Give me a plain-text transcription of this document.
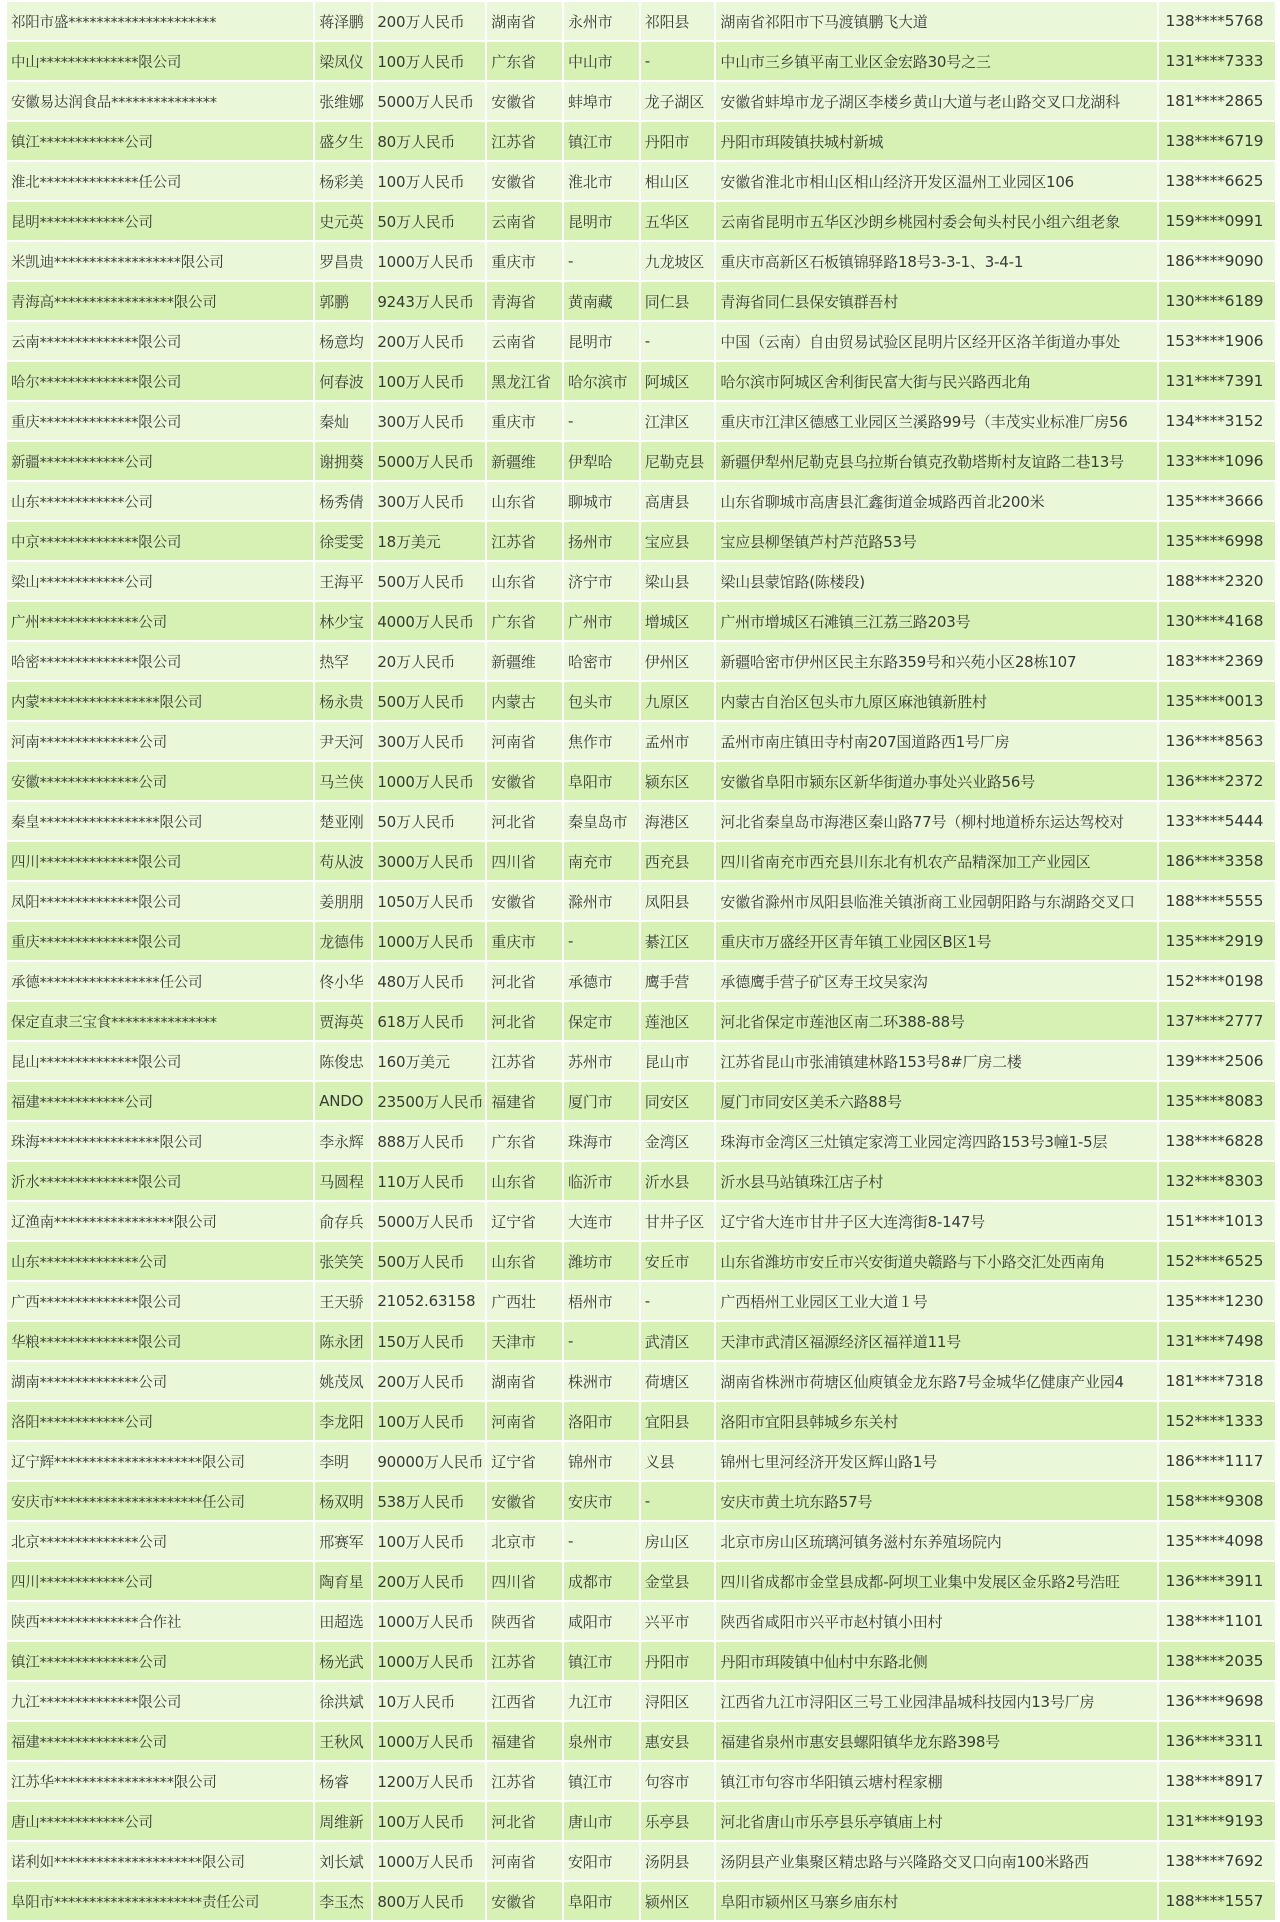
祁阳市盛*********************	蒋泽鹏	200万人民币	湖南省	永州市	祁阳县	湖南省祁阳市下马渡镇鹏飞大道	138****5768
中山**************限公司	梁凤仪	100万人民币	广东省	中山市	-	中山市三乡镇平南工业区金宏路30号之三	131****7333
安徽易达润食品***************	张维娜	5000万人民币	安徽省	蚌埠市	龙子湖区	安徽省蚌埠市龙子湖区李楼乡黄山大道与老山路交叉口龙湖科	181****2865
镇江************公司	盛夕生	80万人民币	江苏省	镇江市	丹阳市	丹阳市珥陵镇扶城村新城	138****6719
淮北**************任公司	杨彩美	100万人民币	安徽省	淮北市	相山区	安徽省淮北市相山区相山经济开发区温州工业园区106	138****6625
昆明************公司	史元英	50万人民币	云南省	昆明市	五华区	云南省昆明市五华区沙朗乡桃园村委会甸头村民小组六组老象	159****0991
米凯迪******************限公司	罗昌贵	1000万人民币	重庆市	-	九龙坡区	重庆市高新区石板镇锦驿路18号3-3-1、3-4-1	186****9090
青海高*****************限公司	郭鹏	9243万人民币	青海省	黄南藏	同仁县	青海省同仁县保安镇群吾村	130****6189
云南**************限公司	杨意均	200万人民币	云南省	昆明市	-	中国（云南）自由贸易试验区昆明片区经开区洛羊街道办事处	153****1906
哈尔**************限公司	何春波	100万人民币	黑龙江省	哈尔滨市	阿城区	哈尔滨市阿城区舍利街民富大街与民兴路西北角	131****7391
重庆**************限公司	秦灿	300万人民币	重庆市	-	江津区	重庆市江津区德感工业园区兰溪路99号（丰茂实业标准厂房56	134****3152
新疆************公司	谢拥葵	5000万人民币	新疆维	伊犁哈	尼勒克县	新疆伊犁州尼勒克县乌拉斯台镇克孜勒塔斯村友谊路二巷13号	133****1096
山东************公司	杨秀倩	300万人民币	山东省	聊城市	高唐县	山东省聊城市高唐县汇鑫街道金城路西首北200米	135****3666
中京**************限公司	徐雯雯	18万美元	江苏省	扬州市	宝应县	宝应县柳堡镇芦村芦范路53号	135****6998
梁山************公司	王海平	500万人民币	山东省	济宁市	梁山县	梁山县蒙馆路(陈楼段)	188****2320
广州**************公司	林少宝	4000万人民币	广东省	广州市	增城区	广州市增城区石滩镇三江荔三路203号	130****4168
哈密**************限公司	热罕	20万人民币	新疆维	哈密市	伊州区	新疆哈密市伊州区民主东路359号和兴苑小区28栋107	183****2369
内蒙*****************限公司	杨永贵	500万人民币	内蒙古	包头市	九原区	内蒙古自治区包头市九原区麻池镇新胜村	135****0013
河南**************公司	尹天河	300万人民币	河南省	焦作市	孟州市	孟州市南庄镇田寺村南207国道路西1号厂房	136****8563
安徽**************公司	马兰侠	1000万人民币	安徽省	阜阳市	颍东区	安徽省阜阳市颍东区新华街道办事处兴业路56号	136****2372
秦皇*****************限公司	楚亚刚	50万人民币	河北省	秦皇岛市	海港区	河北省秦皇岛市海港区秦山路77号（柳村地道桥东运达驾校对	133****5444
四川**************限公司	苟从波	3000万人民币	四川省	南充市	西充县	四川省南充市西充县川东北有机农产品精深加工产业园区	186****3358
凤阳**************限公司	姜朋朋	1050万人民币	安徽省	滁州市	凤阳县	安徽省滁州市凤阳县临淮关镇浙商工业园朝阳路与东湖路交叉口	188****5555
重庆**************限公司	龙德伟	1000万人民币	重庆市	-	綦江区	重庆市万盛经开区青年镇工业园区B区1号	135****2919
承德*****************任公司	佟小华	480万人民币	河北省	承德市	鹰手营	承德鹰手营子矿区寿王坟吴家沟	152****0198
保定直隶三宝食***************	贾海英	618万人民币	河北省	保定市	莲池区	河北省保定市莲池区南二环388-88号	137****2777
昆山**************限公司	陈俊忠	160万美元	江苏省	苏州市	昆山市	江苏省昆山市张浦镇建林路153号8#厂房二楼	139****2506
福建************公司	ANDO	23500万人民币	福建省	厦门市	同安区	厦门市同安区美禾六路88号	135****8083
珠海*****************限公司	李永辉	888万人民币	广东省	珠海市	金湾区	珠海市金湾区三灶镇定家湾工业园定湾四路153号3幢1-5层	138****6828
沂水**************限公司	马圆程	110万人民币	山东省	临沂市	沂水县	沂水县马站镇珠江店子村	132****8303
辽渔南*****************限公司	俞存兵	5000万人民币	辽宁省	大连市	甘井子区	辽宁省大连市甘井子区大连湾街8-147号	151****1013
山东**************公司	张笑笑	500万人民币	山东省	潍坊市	安丘市	山东省潍坊市安丘市兴安街道央赣路与下小路交汇处西南角	152****6525
广西**************限公司	王天骄	21052.63158	广西壮	梧州市	-	广西梧州工业园区工业大道１号	135****1230
华粮**************限公司	陈永团	150万人民币	天津市	-	武清区	天津市武清区福源经济区福祥道11号	131****7498
湖南**************公司	姚茂凤	200万人民币	湖南省	株洲市	荷塘区	湖南省株洲市荷塘区仙庾镇金龙东路7号金城华亿健康产业园4	181****7318
洛阳************公司	李龙阳	100万人民币	河南省	洛阳市	宜阳县	洛阳市宜阳县韩城乡东关村	152****1333
辽宁辉*********************限公司	李明	90000万人民币	辽宁省	锦州市	义县	锦州七里河经济开发区辉山路1号	186****1117
安庆市*********************任公司	杨双明	538万人民币	安徽省	安庆市	-	安庆市黄土坑东路57号	158****9308
北京**************公司	邢赛军	100万人民币	北京市	-	房山区	北京市房山区琉璃河镇务滋村东养殖场院内	135****4098
四川************公司	陶育星	200万人民币	四川省	成都市	金堂县	四川省成都市金堂县成都-阿坝工业集中发展区金乐路2号浩旺	136****3911
陕西**************合作社	田超选	1000万人民币	陕西省	咸阳市	兴平市	陕西省咸阳市兴平市赵村镇小田村	138****1101
镇江**************公司	杨光武	1000万人民币	江苏省	镇江市	丹阳市	丹阳市珥陵镇中仙村中东路北侧	138****2035
九江**************限公司	徐洪斌	10万人民币	江西省	九江市	浔阳区	江西省九江市浔阳区三号工业园津晶城科技园内13号厂房	136****9698
福建**************公司	王秋风	1000万人民币	福建省	泉州市	惠安县	福建省泉州市惠安县螺阳镇华龙东路398号	136****3311
江苏华*****************限公司	杨睿	1200万人民币	江苏省	镇江市	句容市	镇江市句容市华阳镇云塘村程家棚	138****8917
唐山************公司	周维新	100万人民币	河北省	唐山市	乐亭县	河北省唐山市乐亭县乐亭镇庙上村	131****9193
诺利如*********************限公司	刘长斌	1000万人民币	河南省	安阳市	汤阴县	汤阴县产业集聚区精忠路与兴隆路交叉口向南100米路西	138****7692
阜阳市*********************责任公司	李玉杰	800万人民币	安徽省	阜阳市	颍州区	阜阳市颍州区马寨乡庙东村	188****1557
